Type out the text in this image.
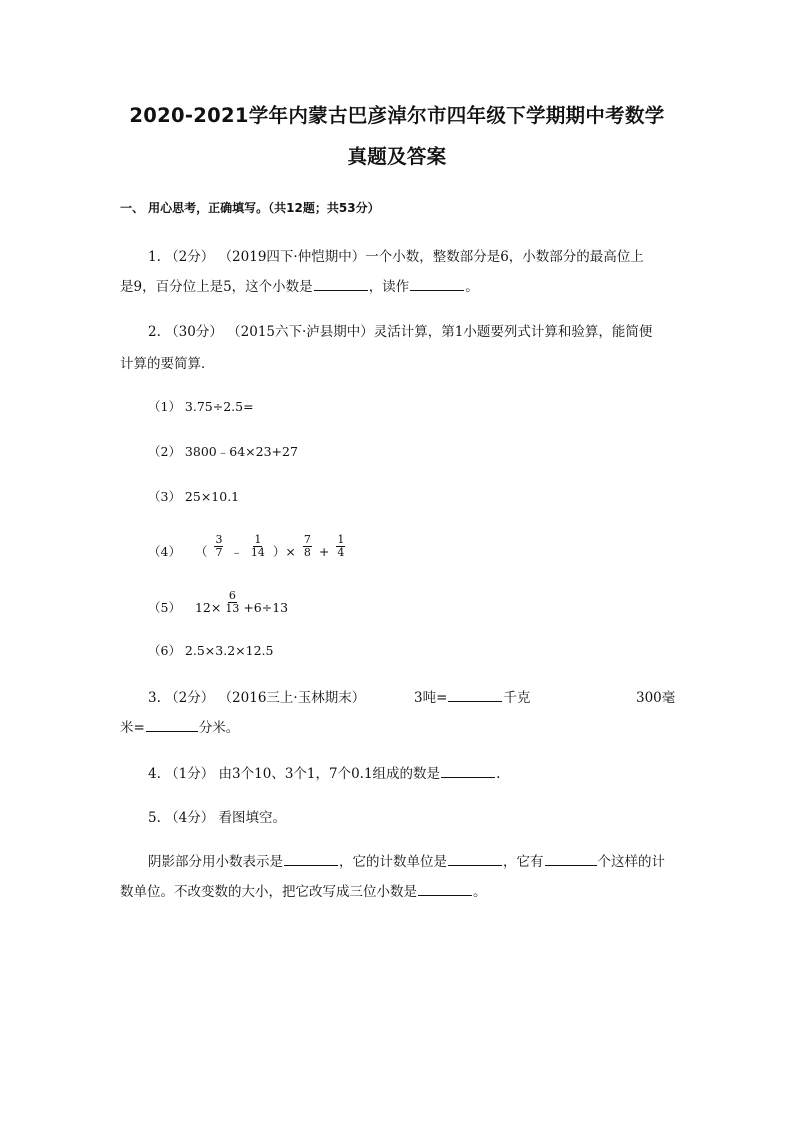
2020-2021学年内蒙古巴彦淖尔市四年级下学期期中考数学
真题及答案
一、 用心思考，正确填写。（共12题；共53分）
1. （2分） （2019四下·仲恺期中）一个小数，整数部分是6，小数部分的最高位上
是9，百分位上是5，这个小数是	，读作	。
2. （30分） （2015六下·泸县期中）灵活计算，第1小题要列式计算和验算，能简便
计算的要简算．
（1） 3.75÷2.5=
（2） 3800﹣64×23+27
（3） 25×10.1
（4） （ $\frac{3}{7}$ ﹣ $\frac{1}{14}$ ）× $\frac{7}{8} + \frac{1}{4}$
（5） $12\times \frac{6}{13} +6\div 13$
（6） 2.5×3.2×12.5
3. （2分） （2016三上·玉林期末）	3吨=	千克	300毫
米=	分米。
4. （1分） 由3个10、3个1，7个0.1组成的数是	.
5. （4分） 看图填空。
阴影部分用小数表示是	，它的计数单位是	，它有	个这样的计
数单位。不改变数的大小，把它改写成三位小数是	。
